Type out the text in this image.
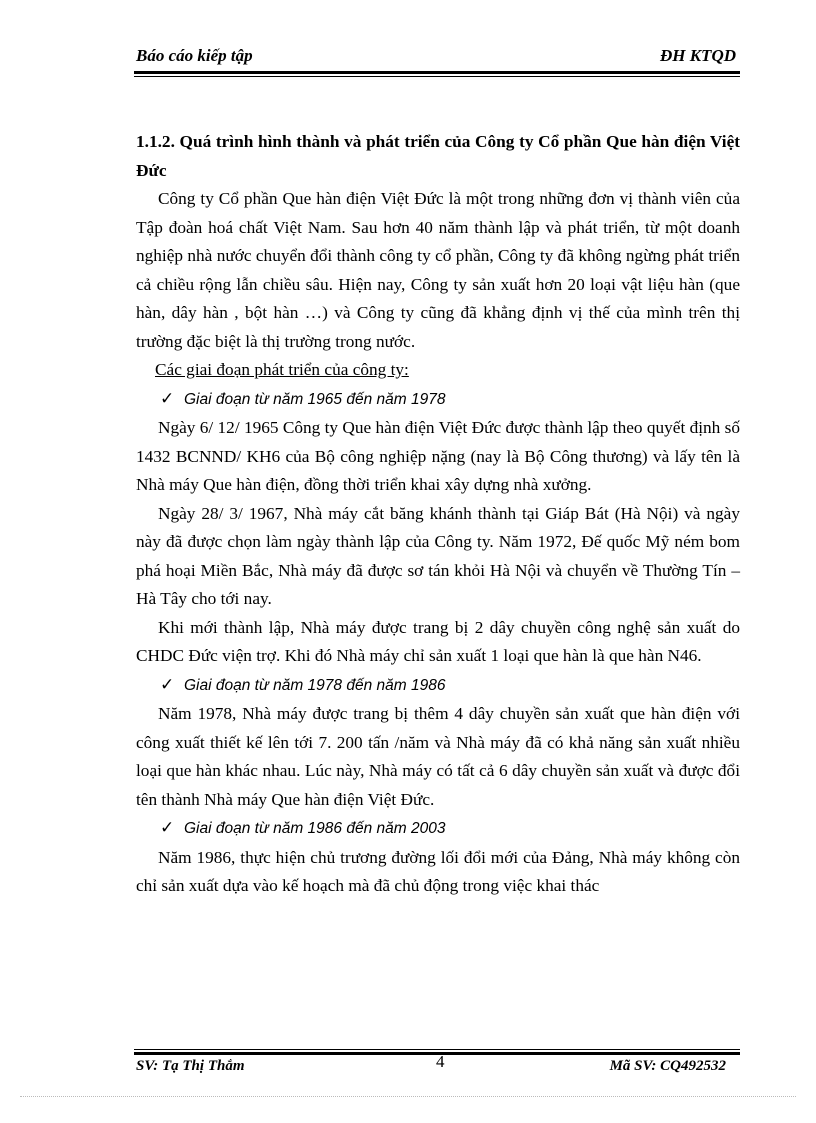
Báo cáo kiếp tập	ĐH KTQD

1.1.2. Quá trình hình thành và phát triển của Công ty Cổ phần Que hàn điện Việt Đức

Công ty Cổ phần Que hàn điện Việt Đức là một trong những đơn vị thành viên của Tập đoàn hoá chất Việt Nam. Sau hơn 40 năm thành lập và phát triển, từ một doanh nghiệp nhà nước chuyển đổi thành công ty cổ phần, Công ty đã không ngừng phát triển cả chiều rộng lẫn chiều sâu. Hiện nay, Công ty sản xuất hơn 20 loại vật liệu hàn (que hàn, dây hàn , bột hàn …) và Công ty cũng đã khẳng định vị thế của mình trên thị trường đặc biệt là thị trường trong nước.

Các giai đoạn phát triển của công ty:

✓ Giai đoạn từ năm 1965 đến năm 1978

Ngày 6/ 12/ 1965 Công ty Que hàn điện Việt Đức được thành lập theo quyết định số 1432 BCNND/ KH6 của Bộ công nghiệp nặng (nay là Bộ Công thương) và lấy tên là Nhà máy Que hàn điện, đồng thời triển khai xây dựng nhà xưởng.

Ngày 28/ 3/ 1967, Nhà máy cắt băng khánh thành tại Giáp Bát (Hà Nội) và ngày này đã được chọn làm ngày thành lập của Công ty. Năm 1972, Đế quốc Mỹ ném bom phá hoại Miền Bắc, Nhà máy đã được sơ tán khỏi Hà Nội và chuyển về Thường Tín – Hà Tây cho tới nay.

Khi mới thành lập, Nhà máy được trang bị 2 dây chuyền công nghệ sản xuất do CHDC Đức viện trợ. Khi đó Nhà máy chỉ sản xuất 1 loại que hàn là que hàn N46.

✓ Giai đoạn từ năm 1978 đến năm 1986

Năm 1978, Nhà máy được trang bị thêm 4 dây chuyền sản xuất que hàn điện với công xuất thiết kế lên tới 7. 200 tấn /năm và Nhà máy đã có khả năng sản xuất nhiều loại que hàn khác nhau. Lúc này, Nhà máy có tất cả 6 dây chuyền sản xuất và được đổi tên thành Nhà máy Que hàn điện Việt Đức.

✓ Giai đoạn từ năm 1986 đến năm 2003

Năm 1986, thực hiện chủ trương đường lối đổi mới của Đảng, Nhà máy không còn chỉ sản xuất dựa vào kế hoạch mà đã chủ động trong việc khai thác

SV: Tạ Thị Thắm	4	Mã SV: CQ492532
